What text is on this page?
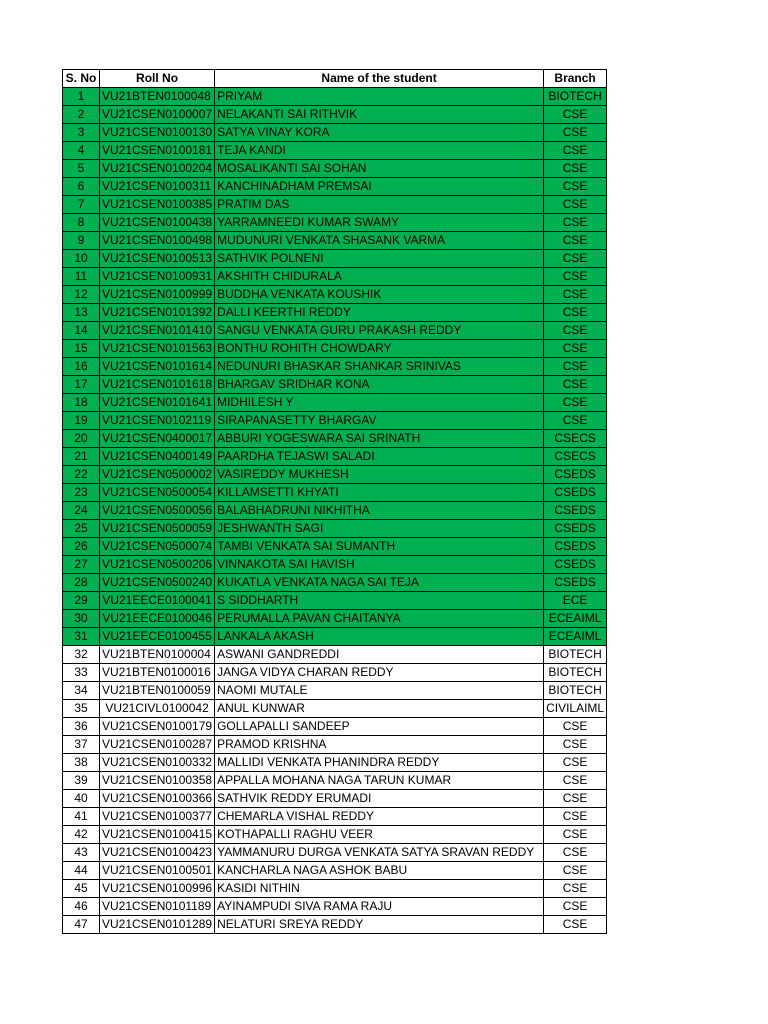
S. No	Roll No	Name of the student	Branch
1	VU21BTEN0100048	PRIYAM	BIOTECH
2	VU21CSEN0100007	NELAKANTI SAI RITHVIK	CSE
3	VU21CSEN0100130	SATYA VINAY KORA	CSE
4	VU21CSEN0100181	TEJA KANDI	CSE
5	VU21CSEN0100204	MOSALIKANTI SAI SOHAN	CSE
6	VU21CSEN0100311	KANCHINADHAM PREMSAI	CSE
7	VU21CSEN0100385	PRATIM DAS	CSE
8	VU21CSEN0100438	YARRAMNEEDI KUMAR SWAMY	CSE
9	VU21CSEN0100498	MUDUNURI VENKATA SHASANK VARMA	CSE
10	VU21CSEN0100513	SATHVIK POLNENI	CSE
11	VU21CSEN0100931	AKSHITH CHIDURALA	CSE
12	VU21CSEN0100999	BUDDHA VENKATA KOUSHIK	CSE
13	VU21CSEN0101392	DALLI KEERTHI REDDY	CSE
14	VU21CSEN0101410	SANGU VENKATA GURU PRAKASH REDDY	CSE
15	VU21CSEN0101563	BONTHU ROHITH CHOWDARY	CSE
16	VU21CSEN0101614	NEDUNURI BHASKAR SHANKAR SRINIVAS	CSE
17	VU21CSEN0101618	BHARGAV SRIDHAR KONA	CSE
18	VU21CSEN0101641	MIDHILESH Y	CSE
19	VU21CSEN0102119	SIRAPANASETTY BHARGAV	CSE
20	VU21CSEN0400017	ABBURI YOGESWARA SAI SRINATH	CSECS
21	VU21CSEN0400149	PAARDHA TEJASWI SALADI	CSECS
22	VU21CSEN0500002	VASIREDDY MUKHESH	CSEDS
23	VU21CSEN0500054	KILLAMSETTI KHYATI	CSEDS
24	VU21CSEN0500056	BALABHADRUNI NIKHITHA	CSEDS
25	VU21CSEN0500059	JESHWANTH SAGI	CSEDS
26	VU21CSEN0500074	TAMBI VENKATA SAI SUMANTH	CSEDS
27	VU21CSEN0500206	VINNAKOTA SAI HAVISH	CSEDS
28	VU21CSEN0500240	KUKATLA VENKATA NAGA SAI TEJA	CSEDS
29	VU21EECE0100041	S SIDDHARTH	ECE
30	VU21EECE0100046	PERUMALLA PAVAN CHAITANYA	ECEAIML
31	VU21EECE0100455	LANKALA AKASH	ECEAIML
32	VU21BTEN0100004	ASWANI GANDREDDI	BIOTECH
33	VU21BTEN0100016	JANGA VIDYA CHARAN REDDY	BIOTECH
34	VU21BTEN0100059	NAOMI MUTALE	BIOTECH
35	VU21CIVL0100042	ANUL KUNWAR	CIVILAIML
36	VU21CSEN0100179	GOLLAPALLI SANDEEP	CSE
37	VU21CSEN0100287	PRAMOD KRISHNA	CSE
38	VU21CSEN0100332	MALLIDI VENKATA PHANINDRA REDDY	CSE
39	VU21CSEN0100358	APPALLA MOHANA NAGA TARUN KUMAR	CSE
40	VU21CSEN0100366	SATHVIK REDDY ERUMADI	CSE
41	VU21CSEN0100377	CHEMARLA VISHAL REDDY	CSE
42	VU21CSEN0100415	KOTHAPALLI RAGHU VEER	CSE
43	VU21CSEN0100423	YAMMANURU DURGA VENKATA SATYA SRAVAN REDDY	CSE
44	VU21CSEN0100501	KANCHARLA NAGA ASHOK BABU	CSE
45	VU21CSEN0100996	KASIDI NITHIN	CSE
46	VU21CSEN0101189	AYINAMPUDI SIVA RAMA RAJU	CSE
47	VU21CSEN0101289	NELATURI SREYA REDDY	CSE
